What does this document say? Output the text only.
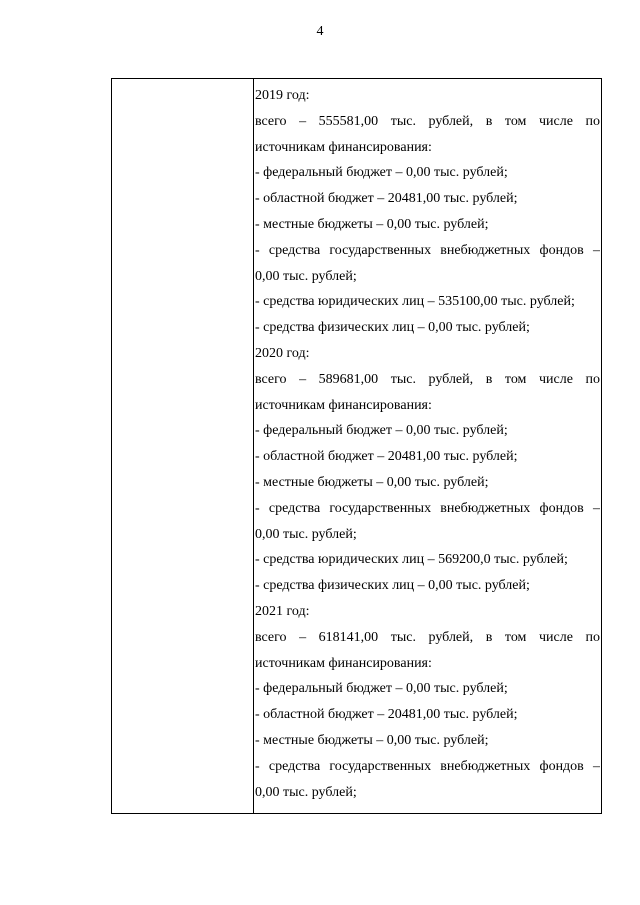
4
2019 год:
всего – 555581,00 тыс. рублей, в том числе по
источникам финансирования:
- федеральный бюджет – 0,00 тыс. рублей;
- областной бюджет – 20481,00 тыс. рублей;
- местные бюджеты – 0,00 тыс. рублей;
- средства государственных внебюджетных фондов –
0,00 тыс. рублей;
- средства юридических лиц – 535100,00 тыс. рублей;
- средства физических лиц – 0,00 тыс. рублей;
2020 год:
всего – 589681,00 тыс. рублей, в том числе по
источникам финансирования:
- федеральный бюджет – 0,00 тыс. рублей;
- областной бюджет – 20481,00 тыс. рублей;
- местные бюджеты – 0,00 тыс. рублей;
- средства государственных внебюджетных фондов –
0,00 тыс. рублей;
- средства юридических лиц – 569200,0 тыс. рублей;
- средства физических лиц – 0,00 тыс. рублей;
2021 год:
всего – 618141,00 тыс. рублей, в том числе по
источникам финансирования:
- федеральный бюджет – 0,00 тыс. рублей;
- областной бюджет – 20481,00 тыс. рублей;
- местные бюджеты – 0,00 тыс. рублей;
- средства государственных внебюджетных фондов –
0,00 тыс. рублей;
